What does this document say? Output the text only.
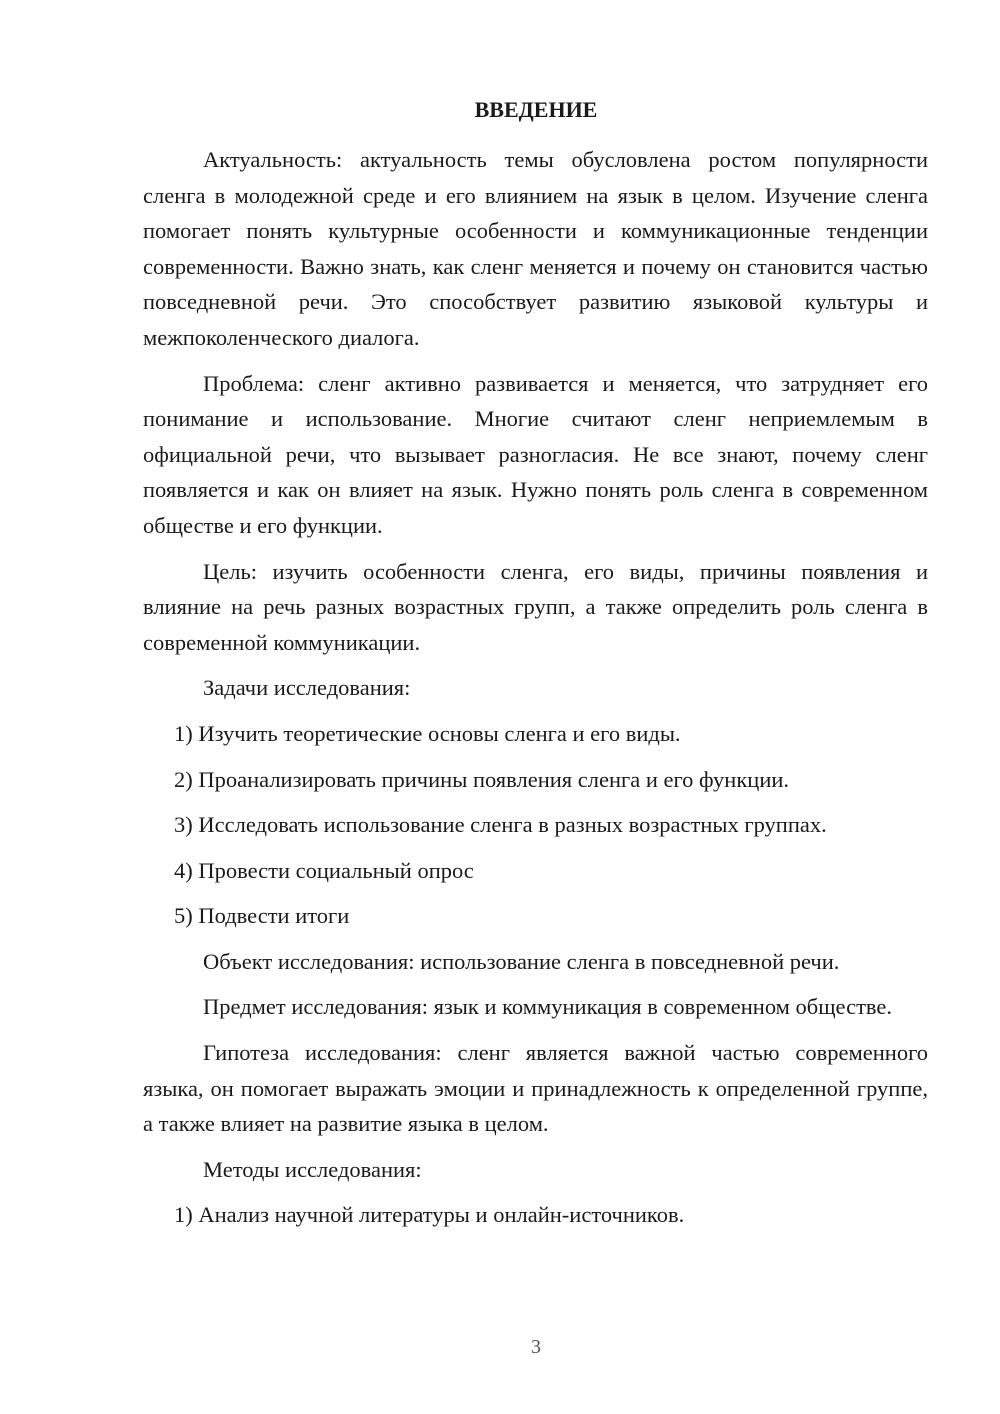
ВВЕДЕНИЕ

Актуальность: актуальность темы обусловлена ростом популярности сленга в молодежной среде и его влиянием на язык в целом. Изучение сленга помогает понять культурные особенности и коммуникационные тенденции современности. Важно знать, как сленг меняется и почему он становится частью повседневной речи. Это способствует развитию языковой культуры и межпоколенческого диалога.

Проблема: сленг активно развивается и меняется, что затрудняет его понимание и использование. Многие считают сленг неприемлемым в официальной речи, что вызывает разногласия. Не все знают, почему сленг появляется и как он влияет на язык. Нужно понять роль сленга в современном обществе и его функции.

Цель: изучить особенности сленга, его виды, причины появления и влияние на речь разных возрастных групп, а также определить роль сленга в современной коммуникации.

Задачи исследования:

1) Изучить теоретические основы сленга и его виды.

2) Проанализировать причины появления сленга и его функции.

3) Исследовать использование сленга в разных возрастных группах.

4) Провести социальный опрос

5) Подвести итоги

Объект исследования: использование сленга в повседневной речи.

Предмет исследования: язык и коммуникация в современном обществе.

Гипотеза исследования: сленг является важной частью современного языка, он помогает выражать эмоции и принадлежность к определенной группе, а также влияет на развитие языка в целом.

Методы исследования:

1) Анализ научной литературы и онлайн-источников.

3
